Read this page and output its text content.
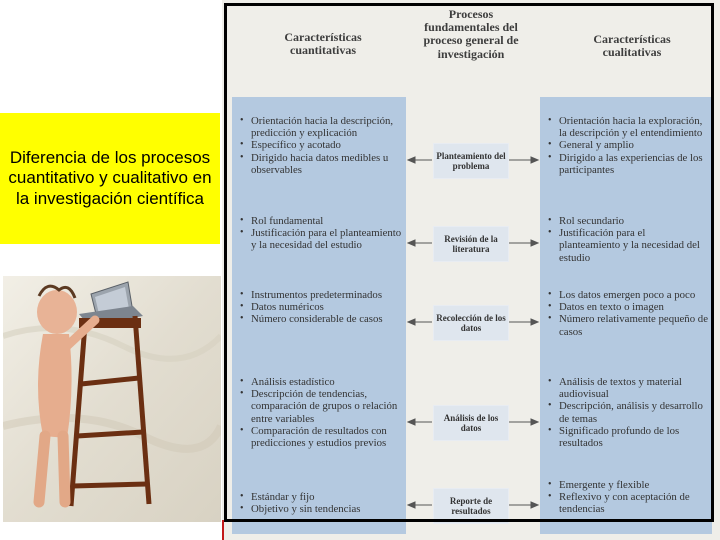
Diferencia de los procesos cuantitativo y cualitativo en la investigación científica
Características cuantitativas
Procesos fundamentales del proceso general de investigación
Características cualitativas
• Orientación hacia la descripción, predicción y explicación
• Específico y acotado
• Dirigido hacia datos medibles u observables
• Rol fundamental
• Justificación para el planteamiento y la necesidad del estudio
• Instrumentos predeterminados
• Datos numéricos
• Número considerable de casos
• Análisis estadístico
• Descripción de tendencias, comparación de grupos o relación entre variables
• Comparación de resultados con predicciones y estudios previos
• Estándar y fijo
• Objetivo y sin tendencias
• Orientación hacia la exploración, la descripción y el entendimiento
• General y amplio
• Dirigido a las experiencias de los participantes
• Rol secundario
• Justificación para el planteamiento y la necesidad del estudio
• Los datos emergen poco a poco
• Datos en texto o imagen
• Número relativamente pequeño de casos
• Análisis de textos y material audiovisual
• Descripción, análisis y desarrollo de temas
• Significado profundo de los resultados
• Emergente y flexible
• Reflexivo y con aceptación de tendencias
Planteamiento del problema
Revisión de la literatura
Recolección de los datos
Análisis de los datos
Reporte de resultados
